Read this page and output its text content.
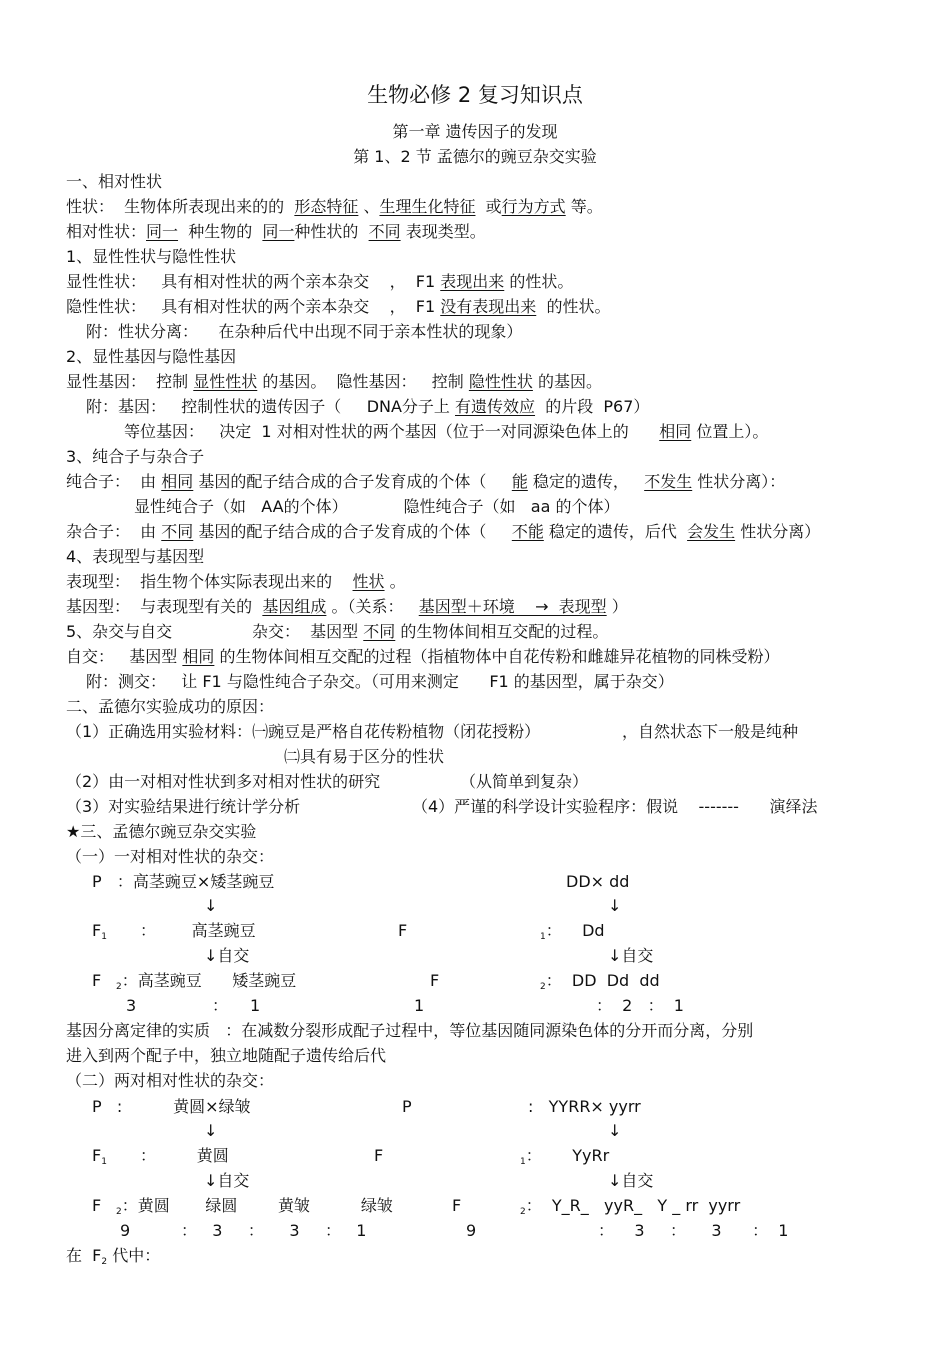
生物必修 2 复习知识点
第一章 遗传因子的发现
第 1、2 节 孟德尔的豌豆杂交实验
一、相对性状
性状：  生物体所表现出来的的  形态特征 、生理生化特征  或行为方式 等。
相对性状：同一  种生物的  同一种性状的  不同 表现类型。
1、显性性状与隐性性状
显性性状：   具有相对性状的两个亲本杂交    ，  F1 表现出来 的性状。
隐性性状：   具有相对性状的两个亲本杂交    ，  F1 没有表现出来  的性状。
附：性状分离：    在杂种后代中出现不同于亲本性状的现象）
2、显性基因与隐性基因
显性基因：  控制 显性性状 的基因。  隐性基因：   控制 隐性性状 的基因。
附：基因：   控制性状的遗传因子（     DNA分子上 有遗传效应  的片段  P67）
等位基因：   决定  1 对相对性状的两个基因（位于一对同源染色体上的      相同 位置上）。
3、纯合子与杂合子
纯合子：  由 相同 基因的配子结合成的合子发育成的个体（     能 稳定的遗传，   不发生 性状分离）：
显性纯合子（如   AA的个体）           隐性纯合子（如   aa 的个体）
杂合子：  由 不同 基因的配子结合成的合子发育成的个体（     不能 稳定的遗传，后代  会发生 性状分离）
4、表现型与基因型
表现型：  指生物个体实际表现出来的    性状 。
基因型：  与表现型有关的  基因组成 。（关系：   基因型＋环境    →  表现型 ）
5、杂交与自交	杂交：  基因型 不同 的生物体间相互交配的过程。
自交：   基因型 相同 的生物体间相互交配的过程（指植物体中自花传粉和雌雄异花植物的同株受粉）
附：测交：   让 F1 与隐性纯合子杂交。（可用来测定      F1 的基因型，属于杂交）
二、孟德尔实验成功的原因：
（1）正确选用实验材料：㈠豌豆是严格自花传粉植物（闭花授粉）	，自然状态下一般是纯种
㈡具有易于区分的性状
（2）由一对相对性状到多对相对性状的研究	（从简单到复杂）
（3）对实验结果进行统计学分析	（4）严谨的科学设计实验程序：假说    -------      演绎法
★三、孟德尔豌豆杂交实验
（一）一对相对性状的杂交：
P   ：高茎豌豆×矮茎豌豆	DD× dd
↓	↓
$F_1$ ：       高茎豌豆	F	$_1$：    Dd
↓自交	↓自交
F $_2$：高茎豌豆      矮茎豌豆	F	$_2$：  DD  Dd  dd
3	： 1	1	：  2   ：  1
基因分离定律的实质   ：在减数分裂形成配子过程中，等位基因随同源染色体的分开而分离，分别
进入到两个配子中，独立地随配子遗传给后代
（二）两对相对性状的杂交：
P   :          黄圆×绿皱	P	:   YYRR× yyrr
↓	↓
$F_1$ ：        黄圆	F	$_1$：      YyRr
↓自交	↓自交
F $_2$：黄圆       绿圆        黄皱          绿皱	F	$_2$：  Y_R_   yyR_   Y _ rr  yyrr
9          ：   3     ：     3     ：   1	9	：    3     ：     3      ：  1
在  $F_2$ 代中：
